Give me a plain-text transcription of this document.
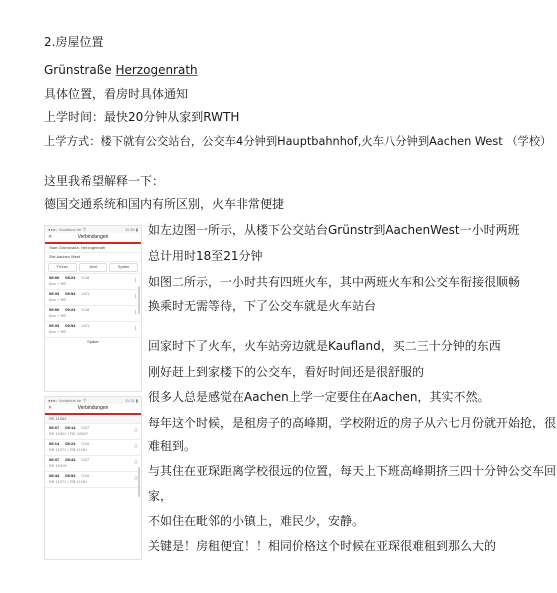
2.房屋位置
Grünstraße Herzogenrath
具体位置，看房时具体通知
上学时间：最快20分钟从家到RWTH
上学方式：楼下就有公交站台，公交车4分钟到Hauptbahnhof,火车八分钟到Aachen West （学校）
这里我希望解释一下：
德国交通系统和国内有所区别，火车非常便捷
●●●○ Vodafone.de 令	11:30 ▮
✕	Verbindungen
Start Grünstraße, Herzogenrath
Ziel Aachen West
Früher	Jetzt	Später
08:06 08:24 0:18
Bus > RB	1
08:33 08:54 0:21
Bus > RB	1
09:06 09:24 0:18
Bus > RB	1
09:33 09:54 0:21
Bus > RB	1
Später
●●●○ Vodafone.de 令	11:31 ▮
✕	Verbindungen
RE 11063
08:07 08:14 0:07
RE 10367 / RE 10667	0
08:14 08:24 0:10
RB 11071 / RB 11061	0
08:37 08:44 0:07
RE 10490	0
08:44 08:54 0:10
RB 11071 / RB 11061	0
如左边图一所示，从楼下公交站台Grünstr到AachenWest一小时两班
总计用时18至21分钟
如图二所示，一小时共有四班火车，其中两班火车和公交车衔接很顺畅
换乘时无需等待，下了公交车就是火车站台
回家时下了火车，火车站旁边就是Kaufland，买二三十分钟的东西
刚好赶上到家楼下的公交车，看好时间还是很舒服的
很多人总是感觉在Aachen上学一定要住在Aachen，其实不然。
每年这个时候，是租房子的高峰期，学校附近的房子从六七月份就开始抢，很
难租到。
与其住在亚琛距离学校很远的位置，每天上下班高峰期挤三四十分钟公交车回
家，
不如住在毗邻的小镇上，难民少，安静。
关键是！房租便宜！！相同价格这个时候在亚琛很难租到那么大的
